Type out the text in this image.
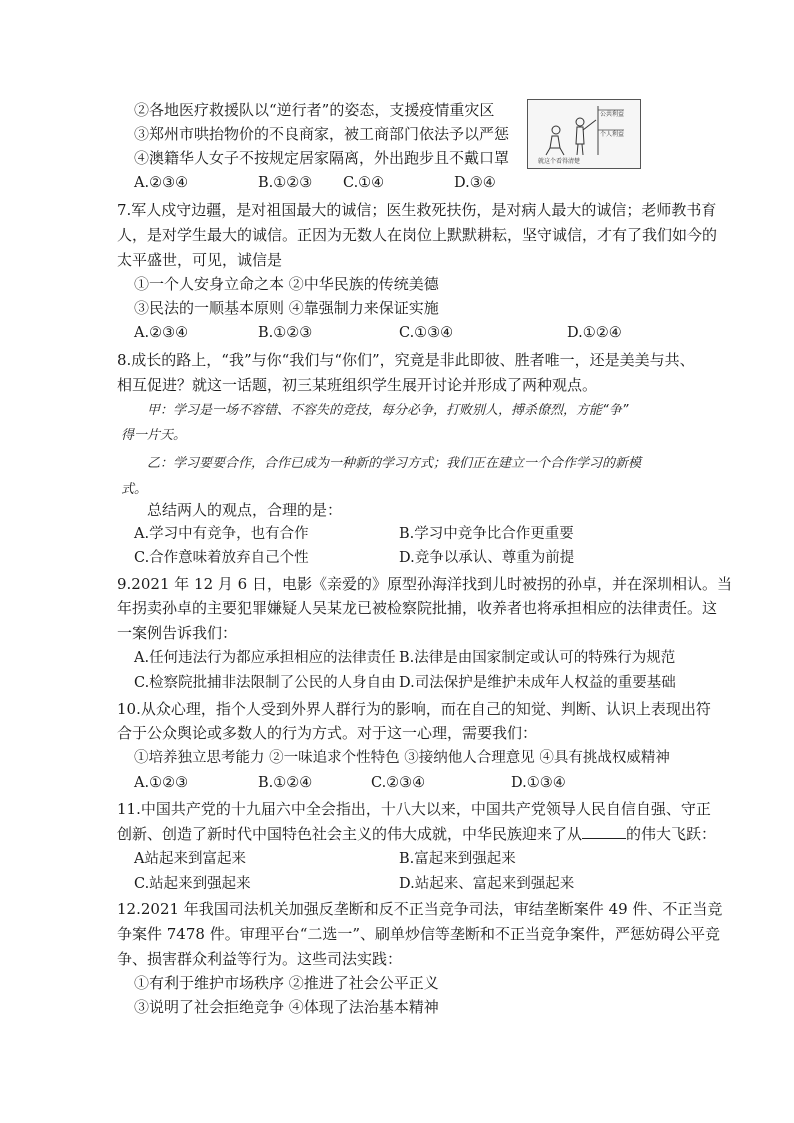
②各地医疗救援队以“逆行者”的姿态，支援疫情重灾区
③郑州市哄抬物价的不良商家，被工商部门依法予以严惩
④澳籍华人女子不按规定居家隔离，外出跑步且不戴口罩
A.②③④	B.①②③ C.①④	D.③④
公共利益
个人利益
就这个看得清楚
7.军人戍守边疆，是对祖国最大的诚信；医生救死扶伤，是对病人最大的诚信；老师教书育
人，是对学生最大的诚信。正因为无数人在岗位上默默耕耘，坚守诚信，才有了我们如今的
太平盛世，可见，诚信是
①一个人安身立命之本 ②中华民族的传统美德
③民法的一顺基本原则 ④靠强制力来保证实施
A.②③④	B.①②③	C.①③④	D.①②④
8.成长的路上，“我”与你“我们与“你们”，究竟是非此即彼、胜者唯一，还是美美与共、
相互促进？就这一话题，初三某班组织学生展开讨论并形成了两种观点。
甲：学习是一场不容错、不容失的竞技，每分必争，打败别人，搏杀僚烈，方能“争”
得一片天。
乙：学习要要合作，合作已成为一种新的学习方式；我们正在建立一个合作学习的新模
式。
总结两人的观点，合理的是：
A.学习中有竞争，也有合作	B.学习中竞争比合作更重要
C.合作意味着放弃自己个性	D.竞争以承认、尊重为前提
9.2021 年 12 月 6 日，电影《亲爱的》原型孙海洋找到儿时被拐的孙卓，并在深圳相认。当
年拐卖孙卓的主要犯罪嫌疑人吴某龙已被检察院批捕，收养者也将承担相应的法律责任。这
一案例告诉我们：
A.任何违法行为都应承担相应的法律责任 B.法律是由国家制定或认可的特殊行为规范
C.检察院批捕非法限制了公民的人身自由 D.司法保护是维护未成年人权益的重要基础
10.从众心理，指个人受到外界人群行为的影响，而在自己的知觉、判断、认识上表现出符
合于公众舆论或多数人的行为方式。对于这一心理，需要我们：
①培养独立思考能力 ②一味追求个性特色 ③接纳他人合理意见 ④具有挑战权威精神
A.①②③	B.①②④	C.②③④	D.①③④
11.中国共产党的十九届六中全会指出，十八大以来，中国共产党领导人民自信自强、守正
创新、创造了新时代中国特色社会主义的伟大成就，中华民族迎来了从	的伟大飞跃：
A站起来到富起来	B.富起来到强起来
C.站起来到强起来	D.站起来、富起来到强起来
12.2021 年我国司法机关加强反垄断和反不正当竞争司法，审结垄断案件 49 件、不正当竞
争案件 7478 件。审理平台“二选一”、刷单炒信等垄断和不正当竞争案件，严惩妨碍公平竞
争、损害群众利益等行为。这些司法实践：
①有利于维护市场秩序 ②推进了社会公平正义
③说明了社会拒绝竞争 ④体现了法治基本精神
